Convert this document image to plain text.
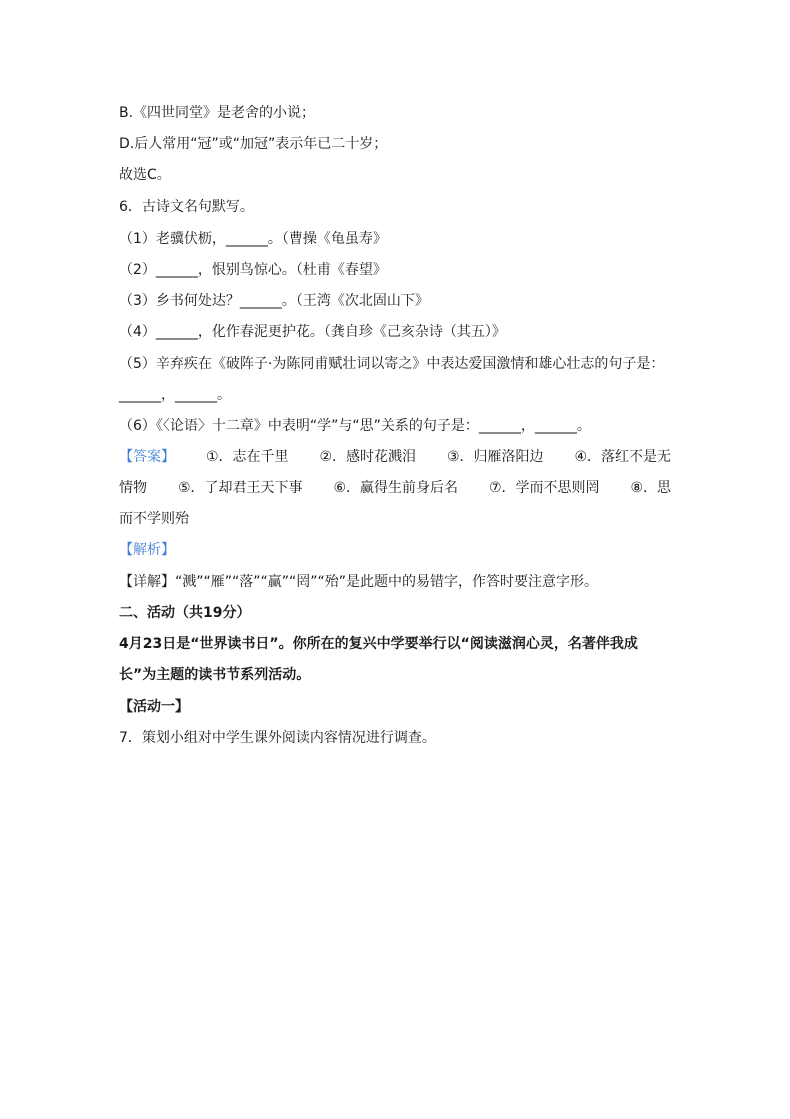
B.《四世同堂》是老舍的小说；
D.后人常用“冠”或“加冠”表示年已二十岁；
故选C。
6．古诗文名句默写。
（1）老骥伏枥，______。（曹操《龟虽寿》
（2）______，恨别鸟惊心。（杜甫《春望》
（3）乡书何处达？______。（王湾《次北固山下》
（4）______，化作春泥更护花。（龚自珍《己亥杂诗（其五）》
（5）辛弃疾在《破阵子·为陈同甫赋壮词以寄之》中表达爱国激情和雄心壮志的句子是：
______，______。
（6）《〈论语〉十二章》中表明“学”与“思”关系的句子是：______，______。
【答案】 ①．志在千里 ②．感时花溅泪 ③．归雁洛阳边 ④．落红不是无
情物 ⑤．了却君王天下事 ⑥．赢得生前身后名 ⑦．学而不思则罔 ⑧．思
而不学则殆
【解析】
【详解】“溅”“雁”“落”“赢”“罔”“殆”是此题中的易错字，作答时要注意字形。
二、活动（共19分）
4月23日是“世界读书日”。你所在的复兴中学要举行以“阅读滋润心灵，名著伴我成长”为主题的读书节系列活动。
【活动一】
7．策划小组对中学生课外阅读内容情况进行调查。
